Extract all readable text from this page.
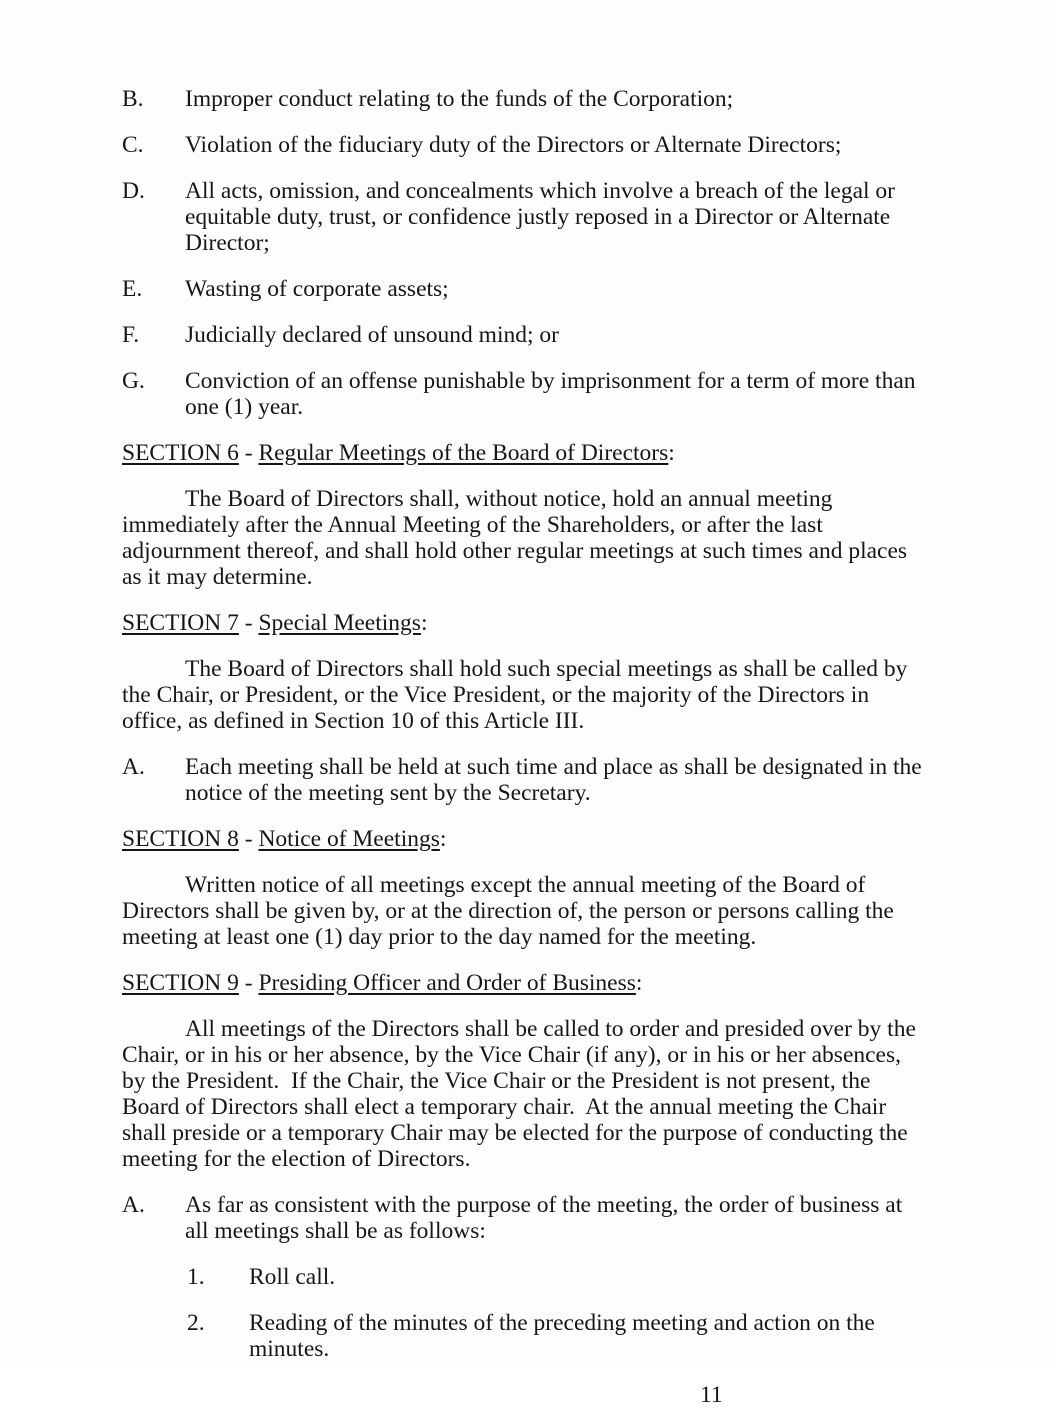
B. Improper conduct relating to the funds of the Corporation;
C. Violation of the fiduciary duty of the Directors or Alternate Directors;
D. All acts, omission, and concealments which involve a breach of the legal or equitable duty, trust, or confidence justly reposed in a Director or Alternate Director;
E. Wasting of corporate assets;
F. Judicially declared of unsound mind; or
G. Conviction of an offense punishable by imprisonment for a term of more than one (1) year.
SECTION 6 - Regular Meetings of the Board of Directors:
The Board of Directors shall, without notice, hold an annual meeting immediately after the Annual Meeting of the Shareholders, or after the last adjournment thereof, and shall hold other regular meetings at such times and places as it may determine.
SECTION 7 - Special Meetings:
The Board of Directors shall hold such special meetings as shall be called by the Chair, or President, or the Vice President, or the majority of the Directors in office, as defined in Section 10 of this Article III.
A. Each meeting shall be held at such time and place as shall be designated in the notice of the meeting sent by the Secretary.
SECTION 8 - Notice of Meetings:
Written notice of all meetings except the annual meeting of the Board of Directors shall be given by, or at the direction of, the person or persons calling the meeting at least one (1) day prior to the day named for the meeting.
SECTION 9 - Presiding Officer and Order of Business:
All meetings of the Directors shall be called to order and presided over by the Chair, or in his or her absence, by the Vice Chair (if any), or in his or her absences, by the President.  If the Chair, the Vice Chair or the President is not present, the Board of Directors shall elect a temporary chair.  At the annual meeting the Chair shall preside or a temporary Chair may be elected for the purpose of conducting the meeting for the election of Directors.
A. As far as consistent with the purpose of the meeting, the order of business at all meetings shall be as follows:
1. Roll call.
2. Reading of the minutes of the preceding meeting and action on the minutes.
11
